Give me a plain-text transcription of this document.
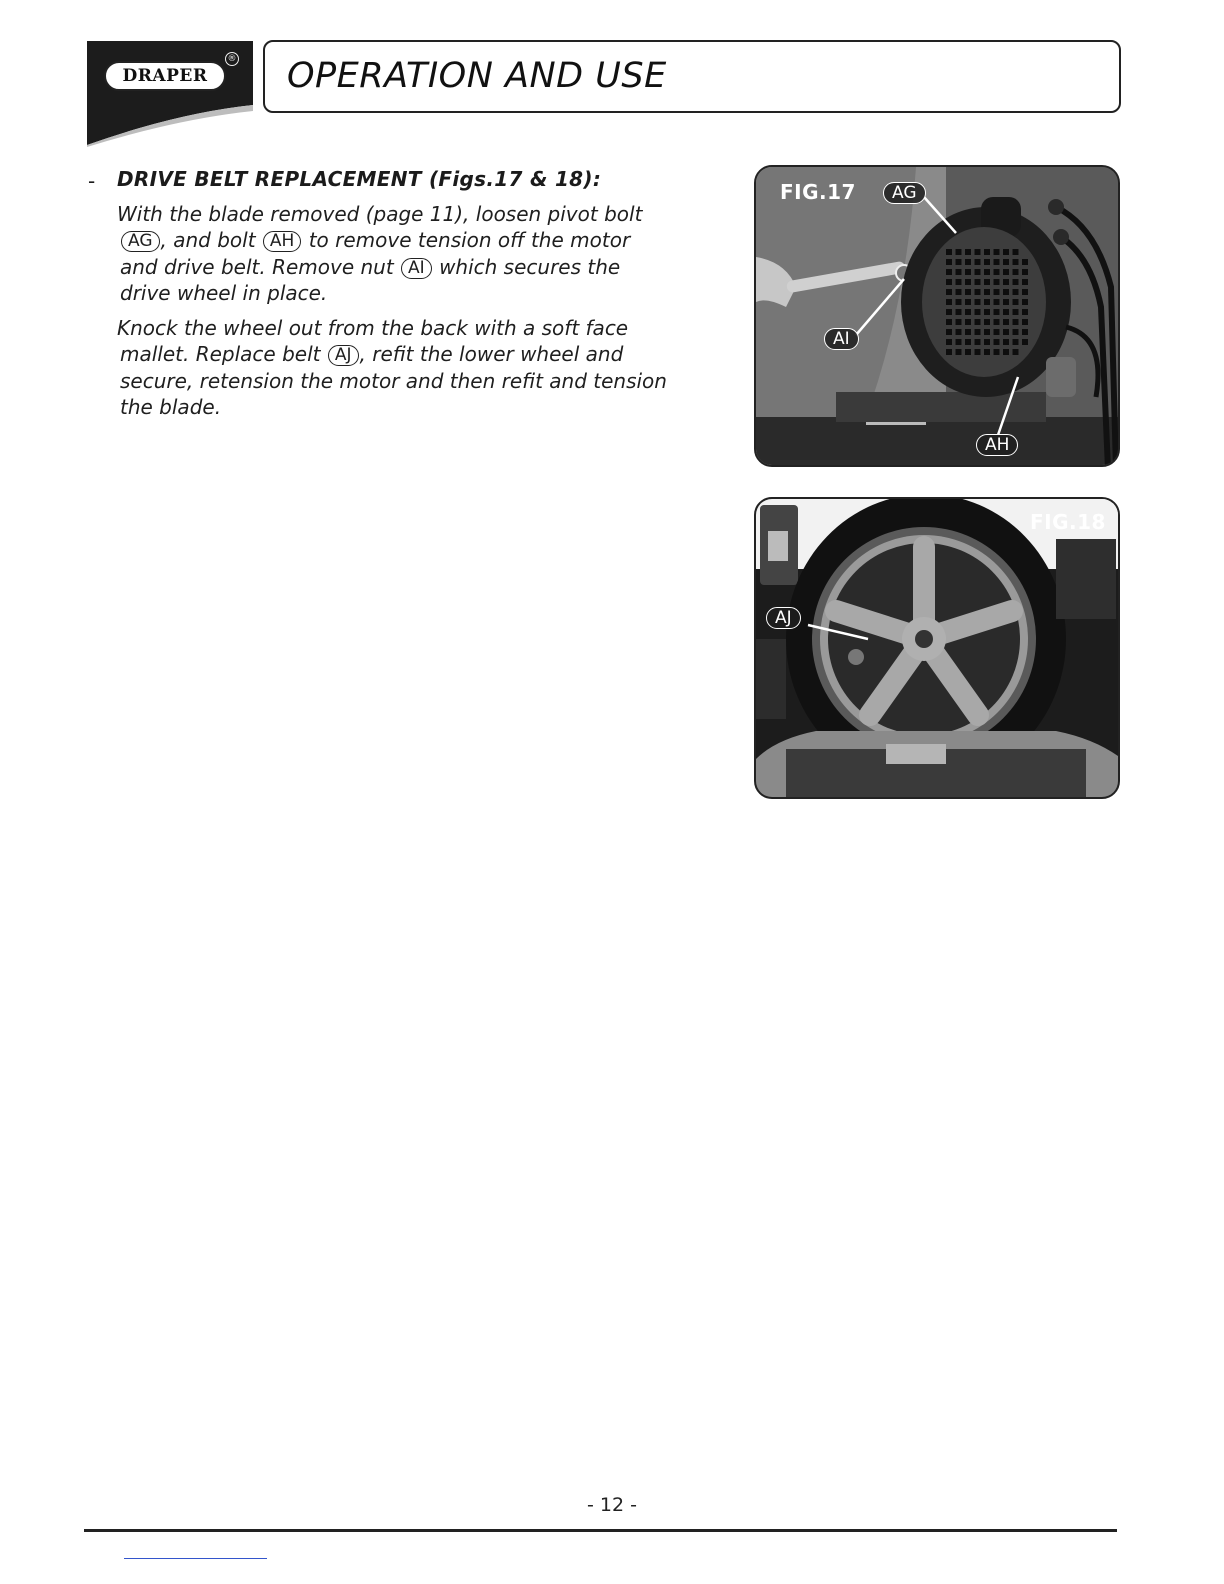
DRAPER
® OPERATION AND USE
- DRIVE BELT REPLACEMENT (Figs.17 & 18):

With the blade removed (page 11), loosen pivot bolt

AG , and bolt AH to remove tension off the motor

and drive belt. Remove nut AI which secures the

drive wheel in place.

Knock the wheel out from the back with a soft face

mallet. Replace belt AJ , refit the lower wheel and

secure, retension the motor and then refit and tension

the blade.

FIG.17	AG
AI
AH
FIG.18
AJ
- 12 -
